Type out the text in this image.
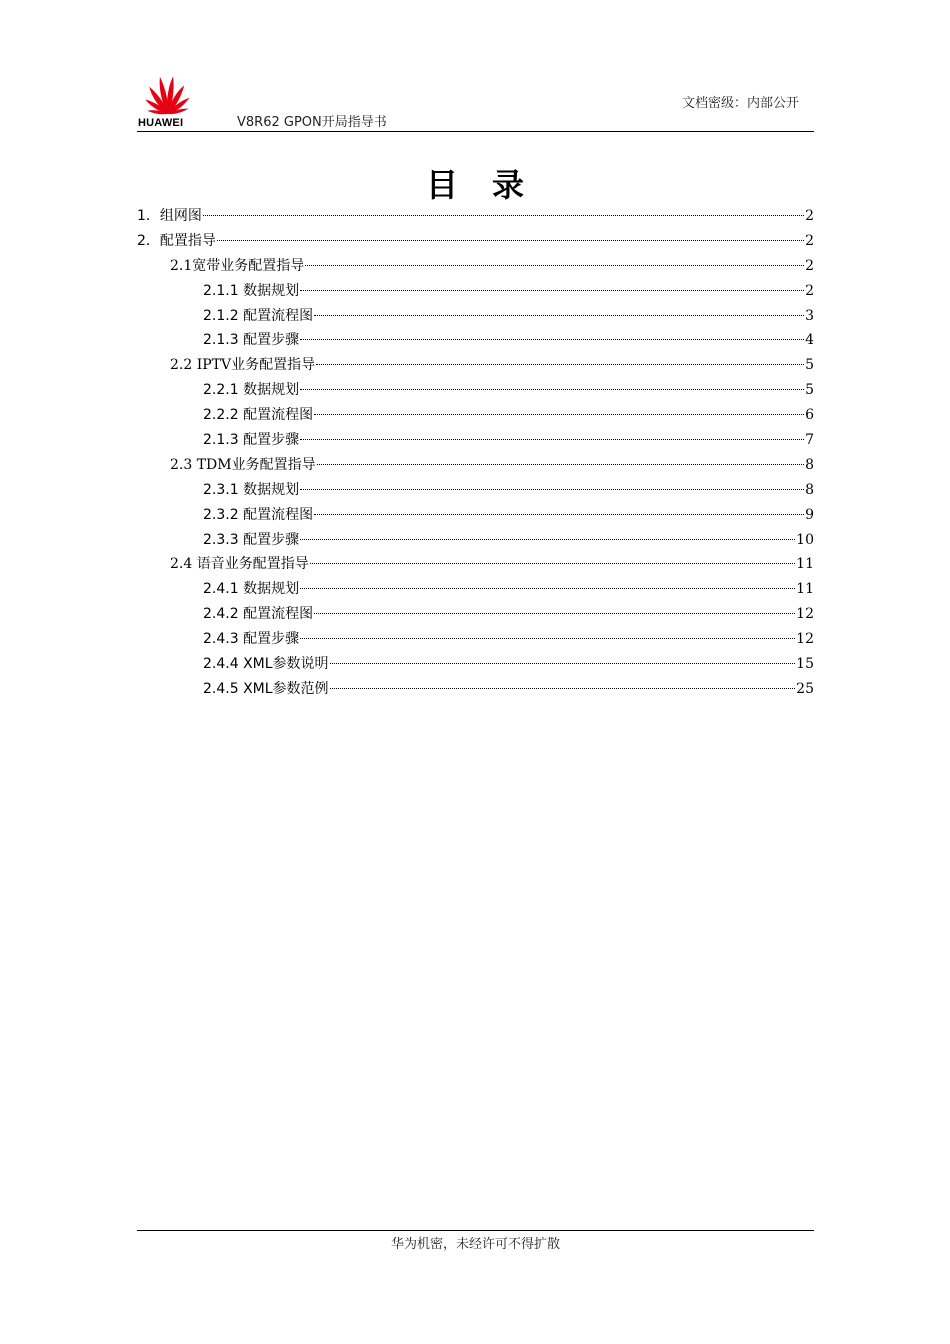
HUAWEI	V8R62 GPON开局指导书
文档密级：内部公开
目录
1．组网图	2
2．配置指导	2
2.1宽带业务配置指导	2
2.1.1 数据规划	2
2.1.2 配置流程图	3
2.1.3 配置步骤	4
2.2 IPTV业务配置指导	5
2.2.1 数据规划	5
2.2.2 配置流程图	6
2.1.3 配置步骤	7
2.3 TDM业务配置指导	8
2.3.1 数据规划	8
2.3.2 配置流程图	9
2.3.3 配置步骤	10
2.4 语音业务配置指导	11
2.4.1 数据规划	11
2.4.2 配置流程图	12
2.4.3 配置步骤	12
2.4.4 XML参数说明	15
2.4.5 XML参数范例	25
华为机密，未经许可不得扩散
